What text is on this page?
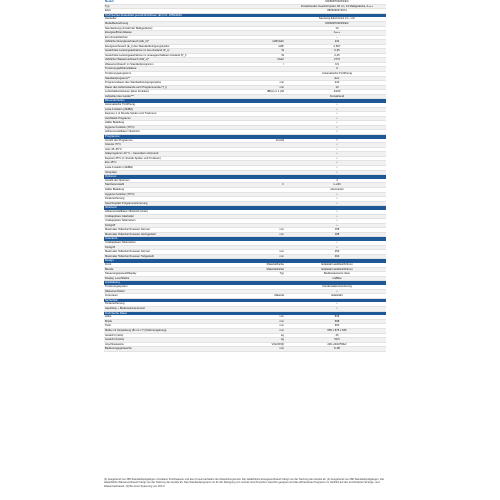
Modell	DW60R7040FS/EC
Typ	Freistehender Geschirrspüler, 60 cm, 13 Maßgedecke, A+++
EAN	8806090374974
Technisches Datenblatt gemäß Richtlinien (EU) Nr. 1059/2010
Hersteller	Samsung Electronics Co., Ltd.
Modellbezeichnung	DW60R7040FS/EC
Nennleistung (Anzahl der Maßgedecke)	13
Energieeffizienzklasse	A+++
EU-Umweltzeichen	–
Jährlicher Energieverbrauch (AE_C)*	kWh/Jahr	234
Energieverbrauch (E_t) des Standardreinigungszyklus	kWh	0,827
Gewichtete Leistungsaufnahme im Aus-Zustand (P_o)	W	0,45
Gewichtete Leistungsaufnahme im unausgeschalteten Zustand (P_l)	W	0,45
Jährlicher Wasserverbrauch (AW_c)*	l/Jahr	2772
Wasserverbrauch im Standardprogramm	l	9,9
Trocknungseffizienzklasse	A
Trocknungsprogramm	Automatische Türöffnung
Standardprogramm**	Eco
Programmdauer des Standardreinigungszyklus	min	210
Dauer des Aufstzustands nach Programmende (T_l)	min	10
Luftschallemissionen (leise Funktion)	dB(A) re 1 pW	44/43
Aufstellen des Geräts***	Freistehend
Besonderheiten
Automatische Türöffnung	•
Leise Funktion (43dBA)	•
Express 1 (1 Stunde Spülen und Trocknen)	•
AutoWash-Programm	•
Halbe Beladung	•
Hygiene Funktion (70°C)	•
Höhenverstellbarer Oberkorb	•
Programme
Anzahl der Programme	Anzahl	7
Intensiv 70°C	•
Auto 45–65°C	•
Glasprogramm 40 °C – besonders schonend	•
Express 65°C (1 Stunde Spülen und Trocknen)	•
Eco 45°C	•
Leise Funktion (43dBA)	•
Vorspülen	•
Optionen
Anzahl der Optionen	4
Startzeitvorwahl	h	1–24h
Halbe Beladung	oben/unten
Hygiene Funktion (70°C)	•
Kindersicherung	•
Speicherplatz Programmerinnerung	•
Oberkorb
Höhenverstellbarer Oberkorb (Auto)	•
Umklappbare Glashalter	•
Umklappbare Tellerreihen	•
Korbgriff	•
Maximaler Tellerdurchmesser Normal	mm	168
Maximaler Tellerdurchmesser Hochgestellt	mm	188
Unterkorb
Umklappbare Tellerreihen	•
Korbgriff	•
Maximaler Tellerdurchmesser Normal	mm	250
Maximaler Tellerdurchmesser Tiefgestellt	mm	300
Design
Front	Material/Farbe	Edelstahl weiß/leicht/Inoxi
Blende	Material/Farbe	Edelstahl weiß/leicht/Inoxi
Steuerungspaneel/Display	Typ	Bedienelemente oben
Display, Leuchtfarbe	rot/Blue
Ausstattung
Trocknungssystem	Kondensationstrocknung
Wasserenthärter	•
Innenraum	Material	Edelstahl
Sicherheit
Kindersicherung	•
AquaStop + Bodenwannensensor	•
Technische Daten
Höhe	mm	845
Breite	mm	598
Tiefe	mm	600
Maße mit Verpackung (B x H x T) (Nahmengebung)	mm	655 x 875 x 645
Gewicht (netto)	kg	45
Gewicht (brutto)	kg	50,5
Anschlusswerte	V/Hz/W(3)	220–240V/50Hz
Bedienungsgeräusche	mm	0–80
(1) Ausgehend von 280 Standardspülgängen mit kaltem Frischwasser und dem Kosumverhalten der Abweichungsmodi. Der tatsächliche Energieverbrauch hängt von der Nutzung des Geräts ab. (2) Ausgehend von 280 Standardspülgängen. Der tatsächliche Wasserverbrauch hängt von der Nutzung des Geräts ab. Das Standardprogramm ist für die Reinigung von normal verschmutztem Geschirr geeignet und das effizienteste Programm im Hinblick auf den kombinierten Energie- und Wasserverbrauch. (3) Bei einer Spannung von 220 V.
